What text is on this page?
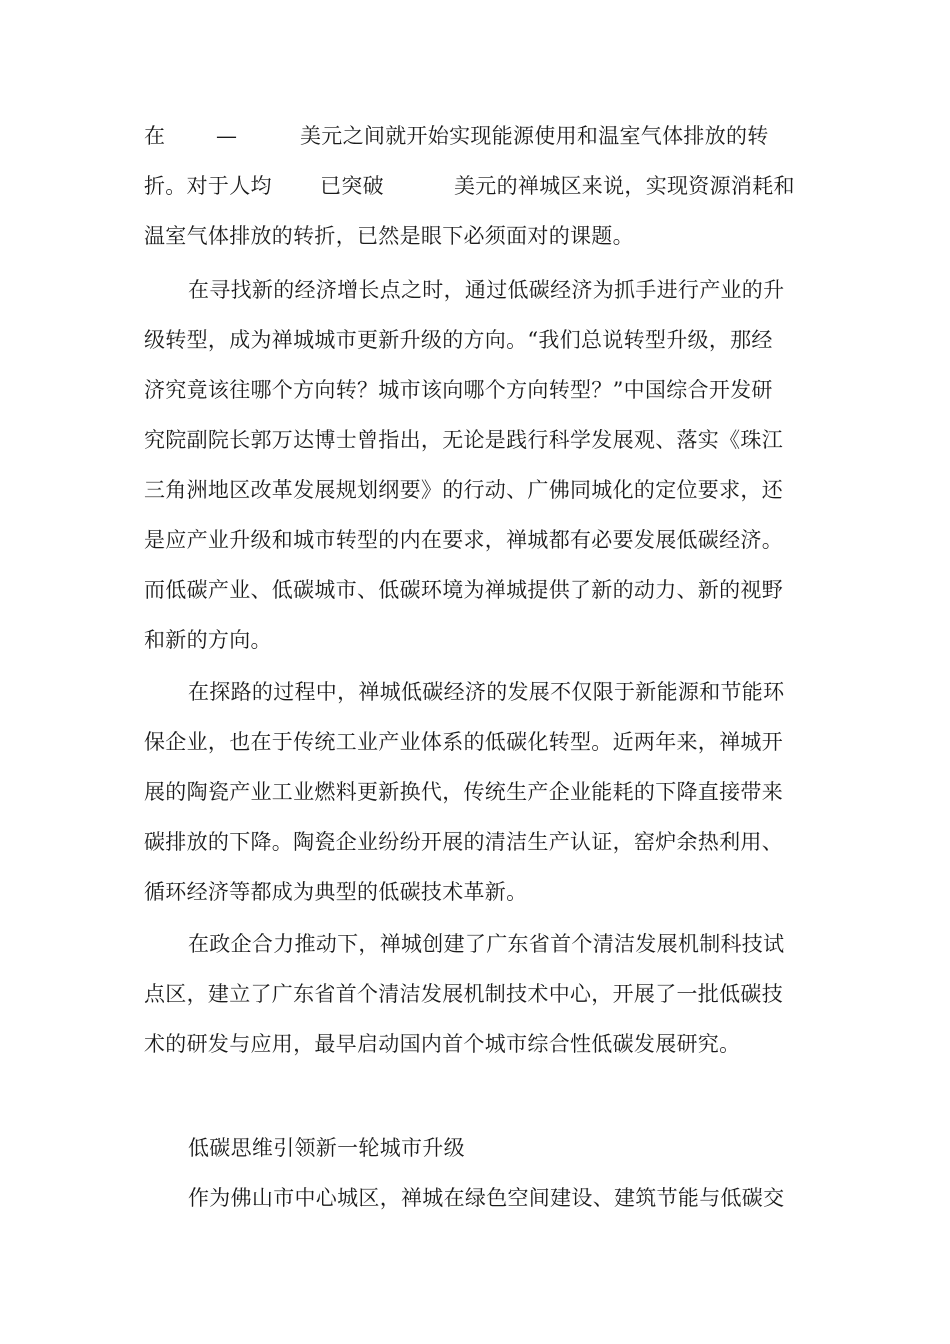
在 —	美元之间就开始实现能源使用和温室气体排放的转
折。对于人均 已突破	美元的禅城区来说，实现资源消耗和
温室气体排放的转折，已然是眼下必须面对的课题。
在寻找新的经济增长点之时，通过低碳经济为抓手进行产业的升
级转型，成为禅城城市更新升级的方向。“我们总说转型升级，那经
济究竟该往哪个方向转？城市该向哪个方向转型？”中国综合开发研
究院副院长郭万达博士曾指出，无论是践行科学发展观、落实《珠江
三角洲地区改革发展规划纲要》的行动、广佛同城化的定位要求，还
是应产业升级和城市转型的内在要求，禅城都有必要发展低碳经济。
而低碳产业、低碳城市、低碳环境为禅城提供了新的动力、新的视野
和新的方向。
在探路的过程中，禅城低碳经济的发展不仅限于新能源和节能环
保企业，也在于传统工业产业体系的低碳化转型。近两年来，禅城开
展的陶瓷产业工业燃料更新换代，传统生产企业能耗的下降直接带来
碳排放的下降。陶瓷企业纷纷开展的清洁生产认证，窑炉余热利用、
循环经济等都成为典型的低碳技术革新。
在政企合力推动下，禅城创建了广东省首个清洁发展机制科技试
点区，建立了广东省首个清洁发展机制技术中心，开展了一批低碳技
术的研发与应用，最早启动国内首个城市综合性低碳发展研究。
低碳思维引领新一轮城市升级
作为佛山市中心城区，禅城在绿色空间建设、建筑节能与低碳交
